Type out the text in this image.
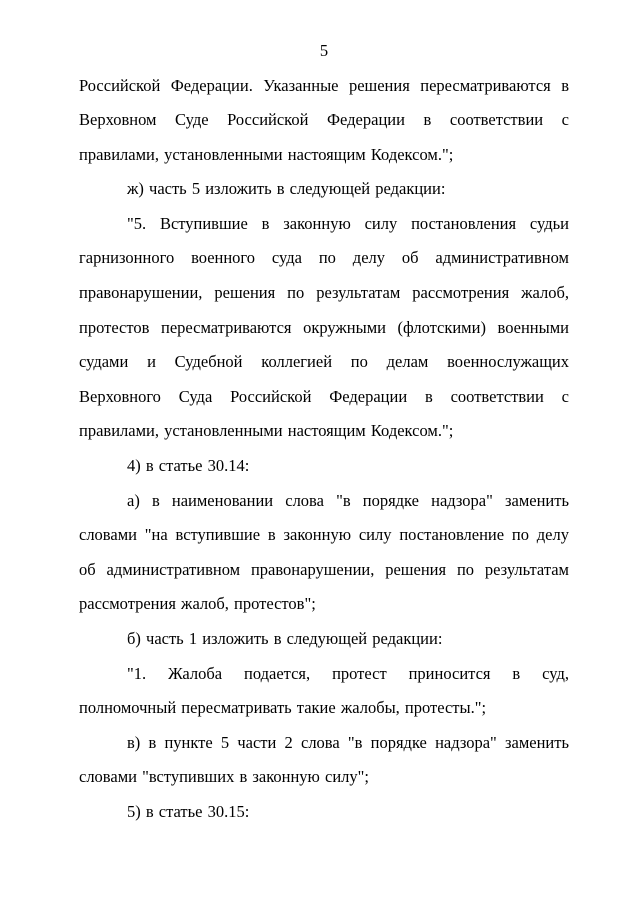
5

Российской Федерации. Указанные решения пересматриваются в Верховном Суде Российской Федерации в соответствии с правилами, установленными настоящим Кодексом.";

ж) часть 5 изложить в следующей редакции:

"5. Вступившие в законную силу постановления судьи гарнизонного военного суда по делу об административном правонарушении, решения по результатам рассмотрения жалоб, протестов пересматриваются окружными (флотскими) военными судами и Судебной коллегией по делам военнослужащих Верховного Суда Российской Федерации в соответствии с правилами, установленными настоящим Кодексом.";

4) в статье 30.14:

а) в наименовании слова "в порядке надзора" заменить словами "на вступившие в законную силу постановление по делу об административном правонарушении, решения по результатам рассмотрения жалоб, протестов";

б) часть 1 изложить в следующей редакции:

"1. Жалоба подается, протест приносится в суд, полномочный пересматривать такие жалобы, протесты.";

в) в пункте 5 части 2 слова "в порядке надзора" заменить словами "вступивших в законную силу";

5) в статье 30.15:
